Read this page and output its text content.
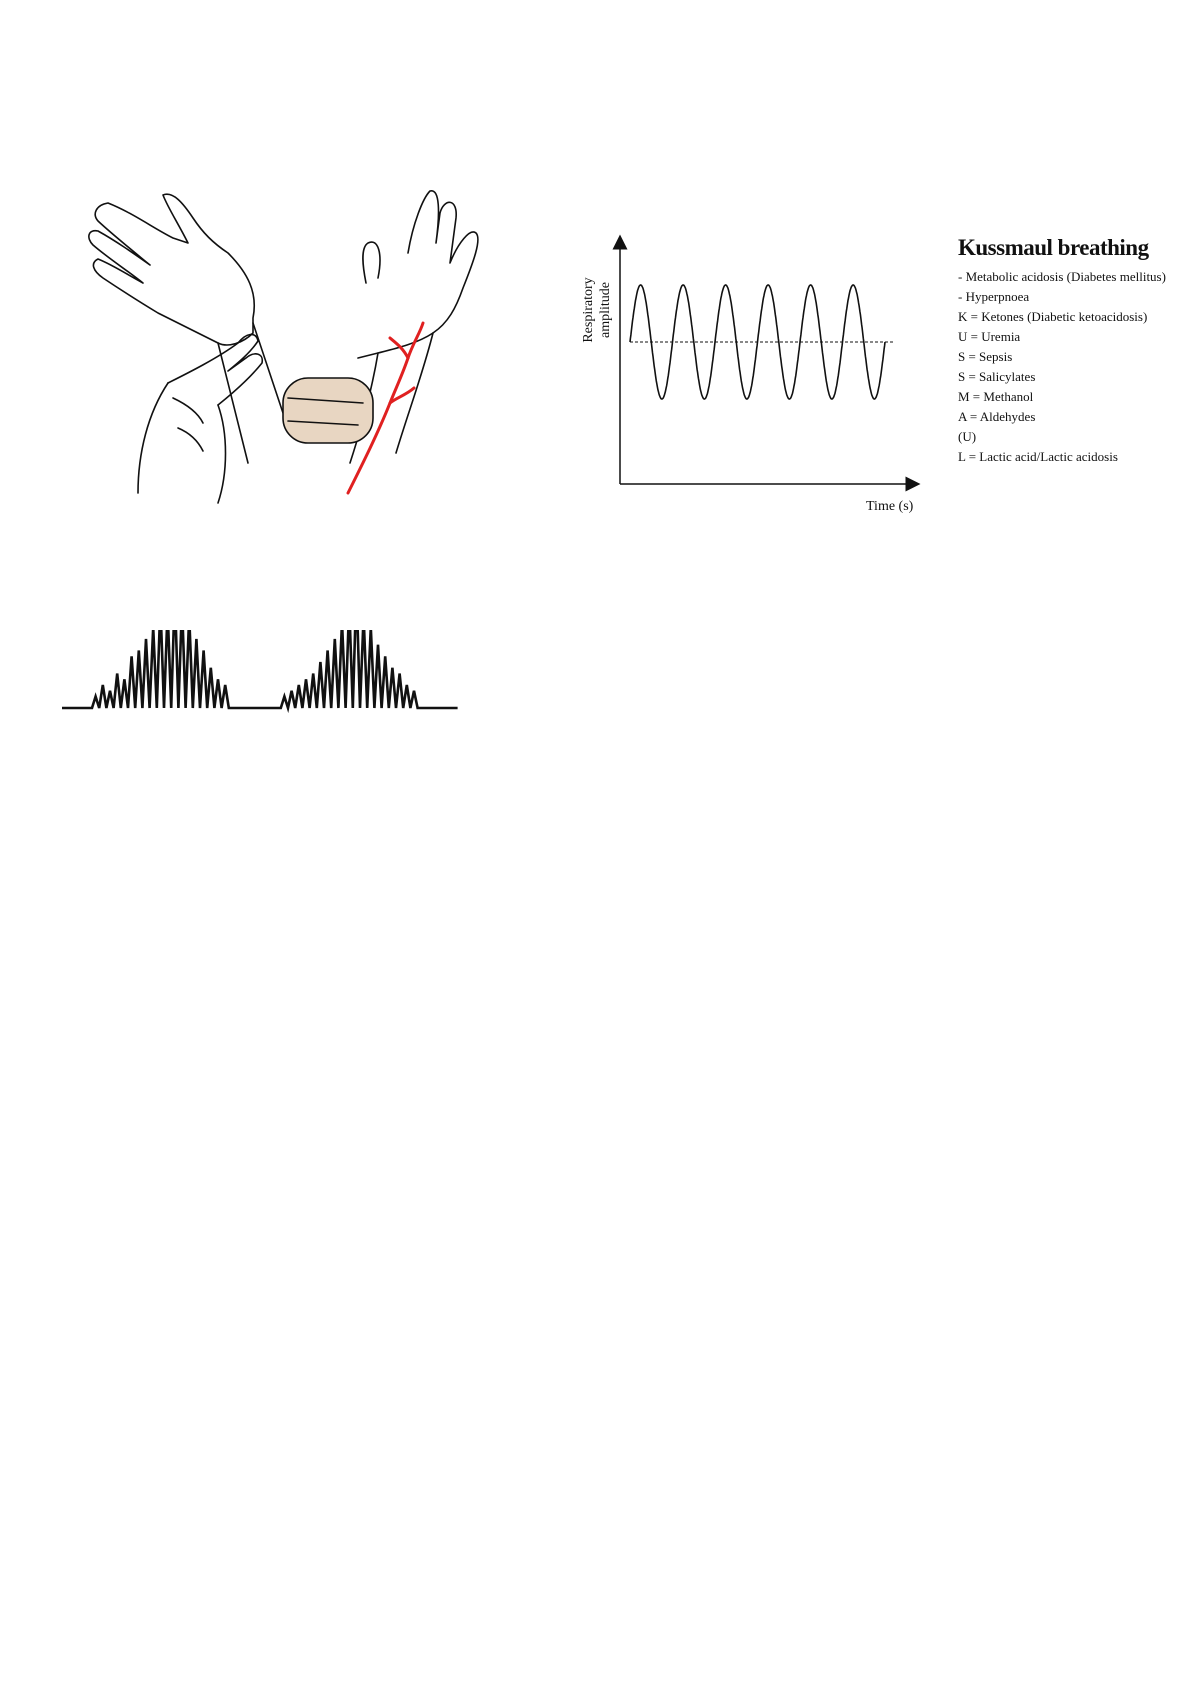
Respiratory amplitude
Time (s)
Kussmaul breathing
- Metabolic acidosis (Diabetes mellitus)
- Hyperpnoea
K = Ketones (Diabetic ketoacidosis)
U = Uremia
S = Sepsis
S = Salicylates
M = Methanol
A = Aldehydes
(U)
L = Lactic acid/Lactic acidosis
